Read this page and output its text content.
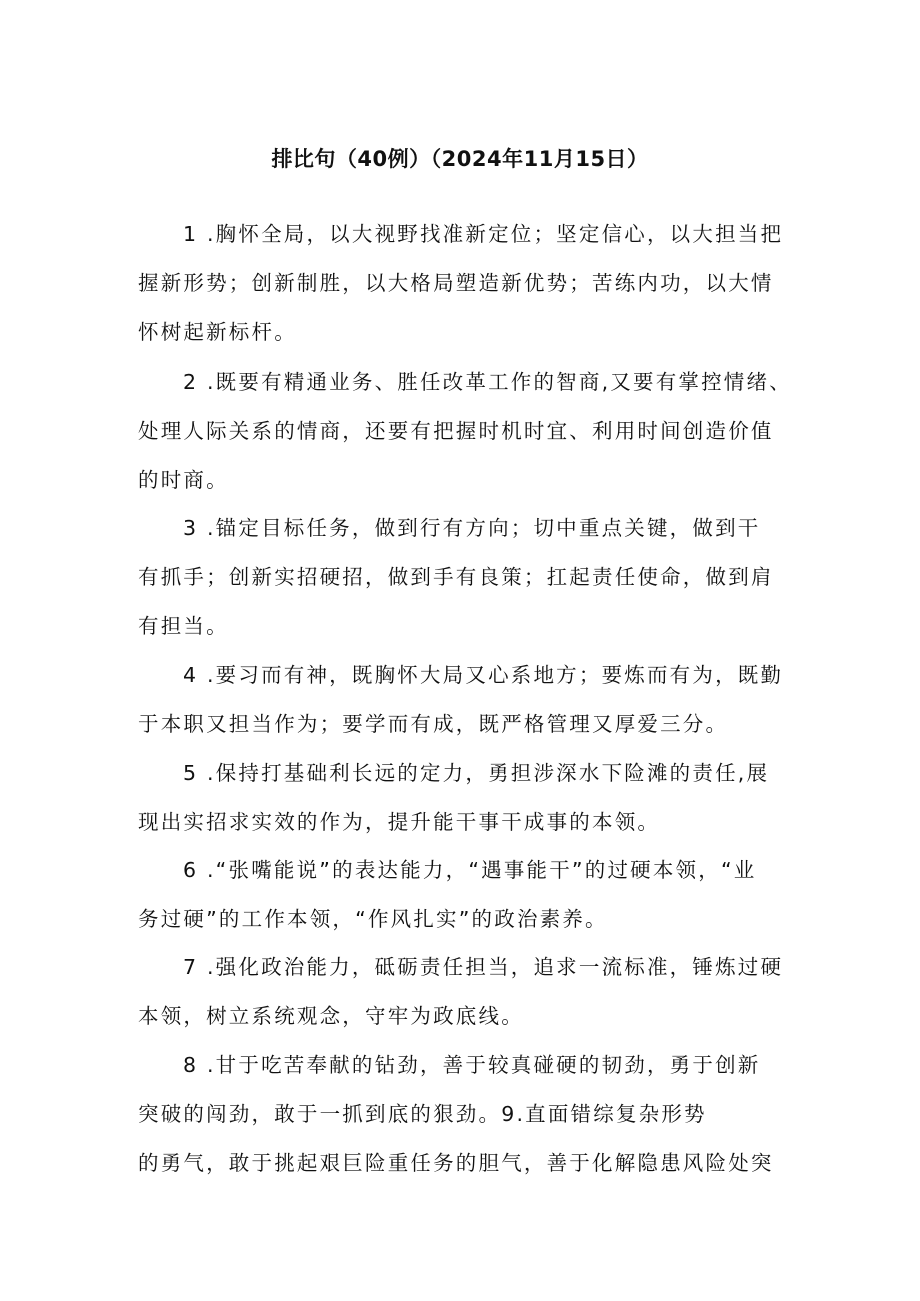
排比句（40例）（2024年11月15日）
1 .胸怀全局，以大视野找准新定位；坚定信心，以大担当把
握新形势；创新制胜，以大格局塑造新优势；苦练内功，以大情
怀树起新标杆。
2 .既要有精通业务、胜任改革工作的智商,又要有掌控情绪、
处理人际关系的情商，还要有把握时机时宜、利用时间创造价值
的时商。
3 .锚定目标任务，做到行有方向；切中重点关键，做到干
有抓手；创新实招硬招，做到手有良策；扛起责任使命，做到肩
有担当。
4 .要习而有神，既胸怀大局又心系地方；要炼而有为，既勤
于本职又担当作为；要学而有成，既严格管理又厚爱三分。
5 .保持打基础利长远的定力，勇担涉深水下险滩的责任,展
现出实招求实效的作为，提升能干事干成事的本领。
6 .“张嘴能说”的表达能力，“遇事能干”的过硬本领，“业
务过硬”的工作本领，“作风扎实”的政治素养。
7 .强化政治能力，砥砺责任担当，追求一流标准，锤炼过硬
本领，树立系统观念，守牢为政底线。
8 .甘于吃苦奉献的钻劲，善于较真碰硬的韧劲，勇于创新
突破的闯劲，敢于一抓到底的狠劲。9.直面错综复杂形势
的勇气，敢于挑起艰巨险重任务的胆气，善于化解隐患风险处突
